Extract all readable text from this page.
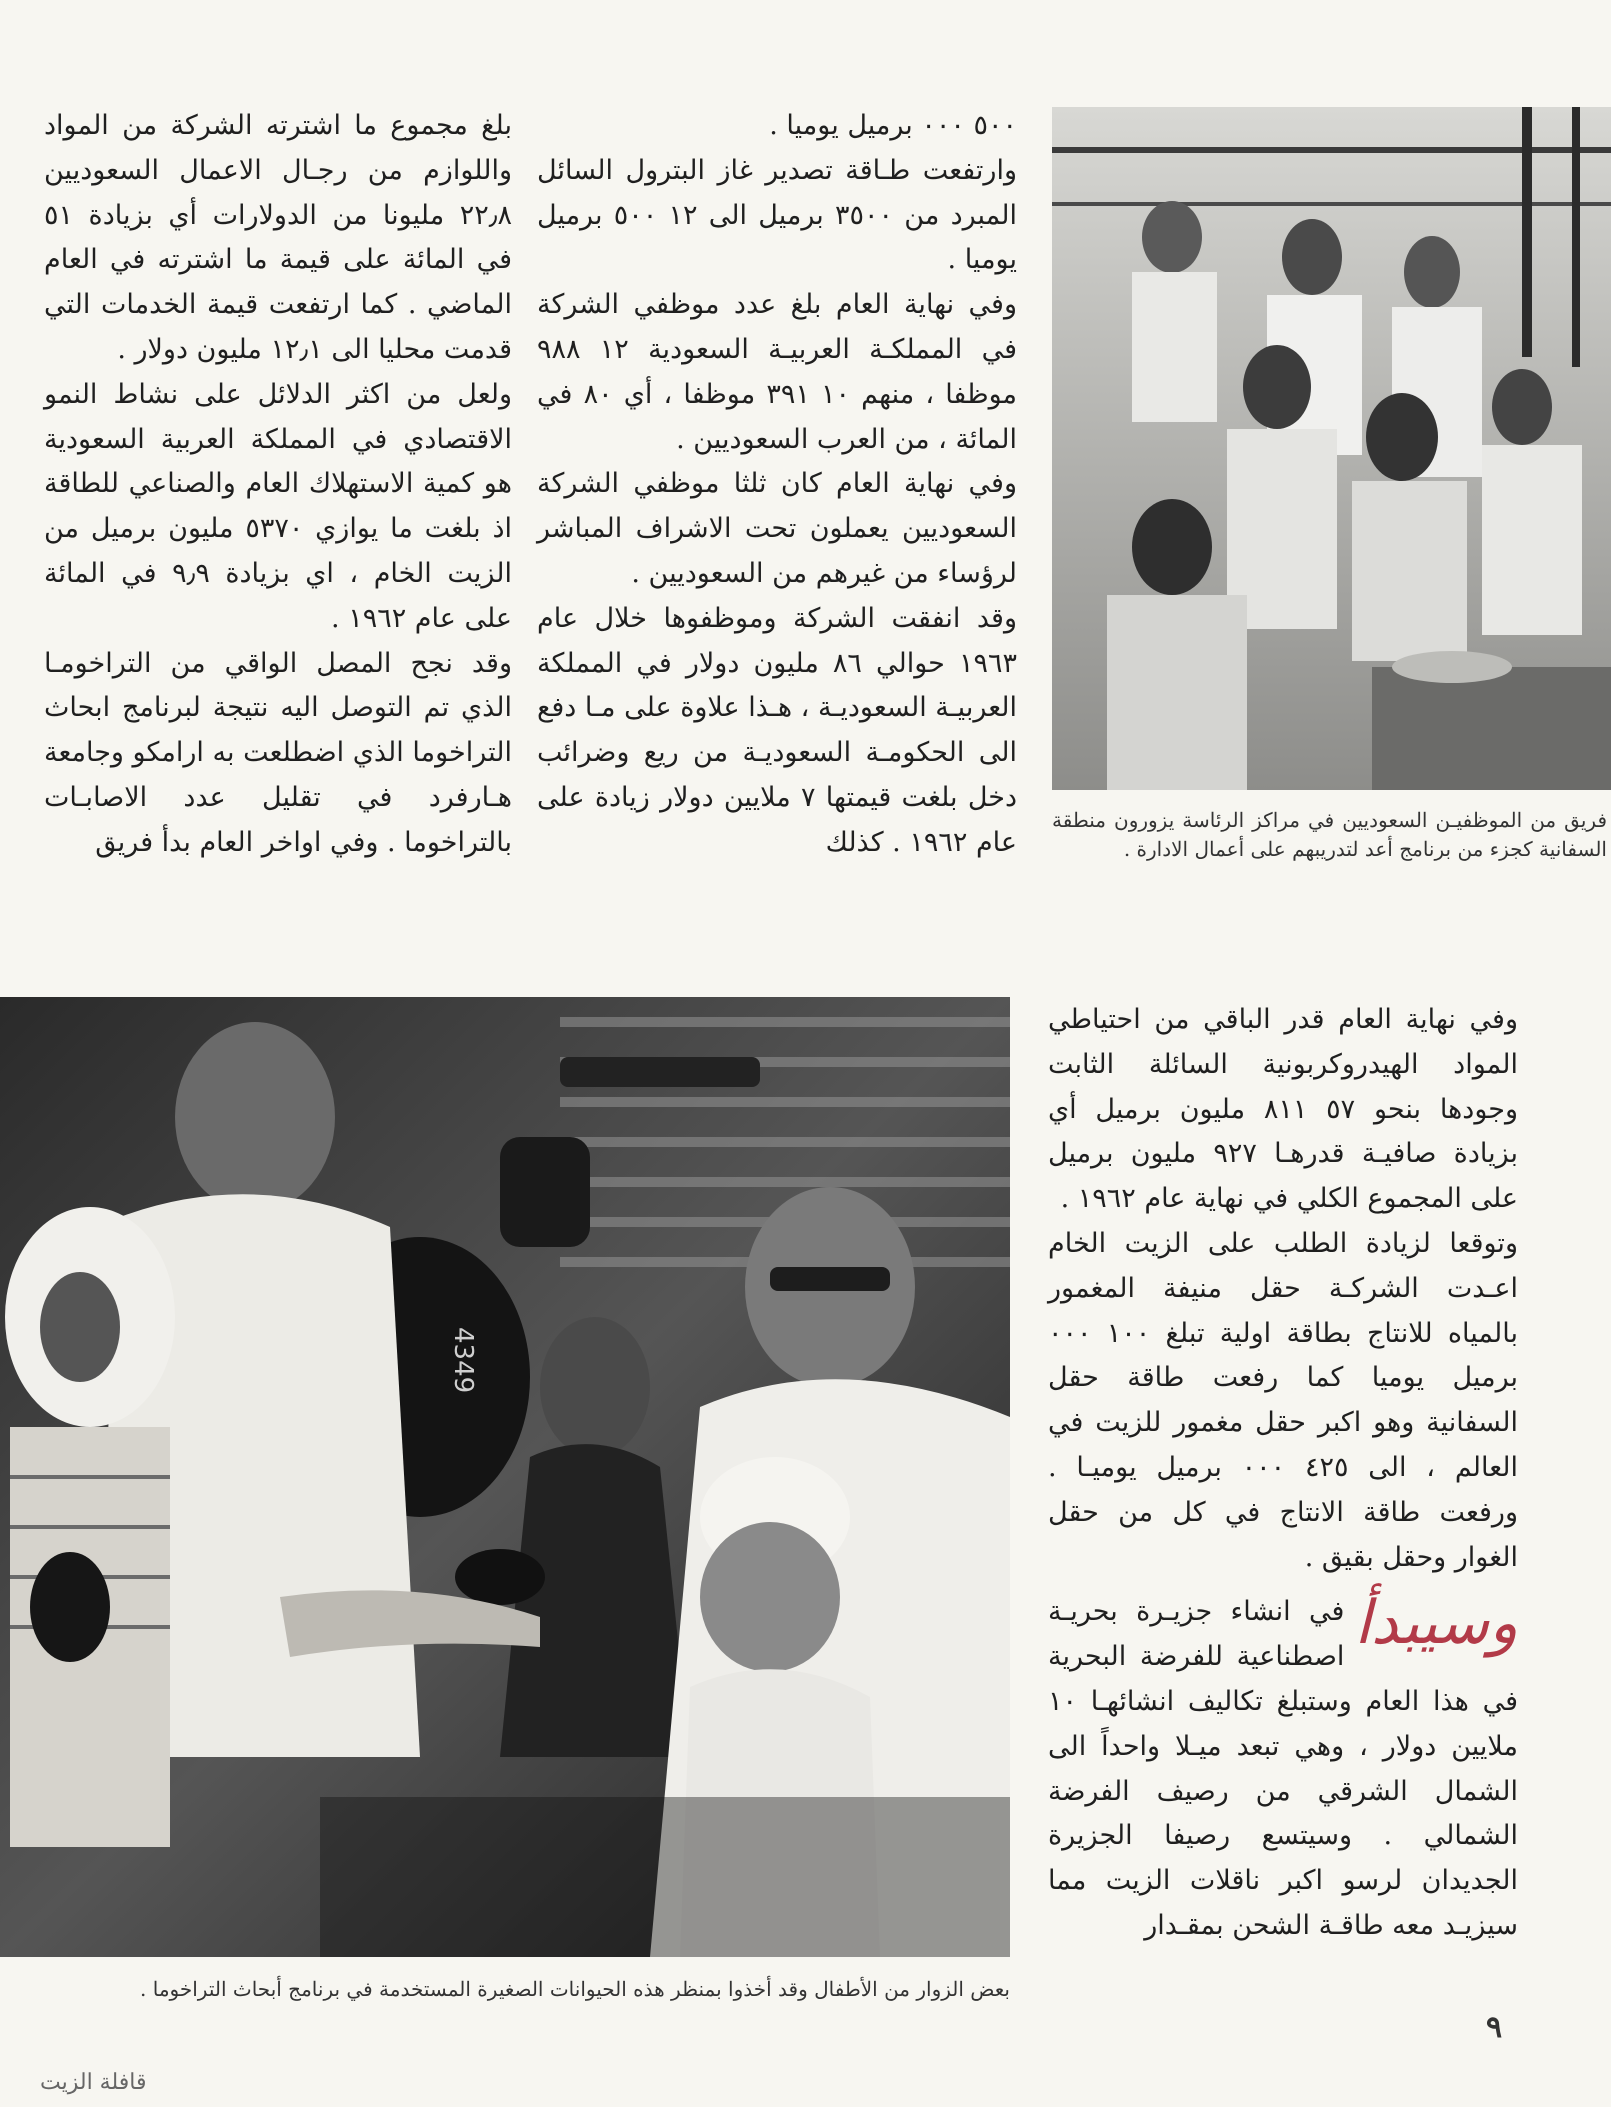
فريق من الموظفيـن السعوديين في مراكز الرئاسة يزورون منطقة السفانية كجزء من برنامج أعد لتدريبهم على أعمال الادارة .

٥٠٠ ٠٠٠ برميل يوميا .

وارتفعت طـاقة تصدير غاز البترول السائل المبرد من ٣٥٠٠ برميل الى ١٢ ٥٠٠ برميل يوميا .

وفي نهاية العام بلغ عدد موظفي الشركة في المملكـة العربيـة السعودية ١٢ ٩٨٨ موظفا ، منهم ١٠ ٣٩١ موظفا ، أي ٨٠ في المائة ، من العرب السعوديين .

وفي نهاية العام كان ثلثا موظفي الشركة السعوديين يعملون تحت الاشراف المباشر لرؤساء من غيرهم من السعوديين .

وقد انفقت الشركة وموظفوها خلال عام ١٩٦٣ حوالي ٨٦ مليون دولار في المملكة العربيـة السعوديـة ، هـذا علاوة على مـا دفع الى الحكومـة السعوديـة من ريع وضرائب دخل بلغت قيمتها ٧ ملايين دولار زيادة على عام ١٩٦٢ . كذلك

بلغ مجموع ما اشترته الشركة من المواد واللوازم من رجـال الاعمال السعوديين ٢٢٫٨ مليونا من الدولارات أي بزيادة ٥١ في المائة على قيمة ما اشترته في العام الماضي . كما ارتفعت قيمة الخدمات التي قدمت محليا الى ١٢٫١ مليون دولار .

ولعل من اكثر الدلائل على نشاط النمو الاقتصادي في المملكة العربية السعودية هو كمية الاستهلاك العام والصناعي للطاقة اذ بلغت ما يوازي ٥٣٧٠ مليون برميل من الزيت الخام ، اي بزيادة ٩٫٩ في المائة على عام ١٩٦٢ .

وقد نجح المصل الواقي من التراخومـا الذي تم التوصل اليه نتيجة لبرنامج ابحاث التراخوما الذي اضطلعت به ارامكو وجامعة هـارفرد في تقليل عدد الاصابـات بالتراخوما . وفي اواخر العام بدأ فريق

4349
بعض الزوار من الأطفال وقد أخذوا بمنظر هذه الحيوانات الصغيرة المستخدمة في برنامج أبحاث التراخوما .

وفي نهاية العام قدر الباقي من احتياطي المواد الهيدروكربونية السائلة الثابت وجودها بنحو ٥٧ ٨١١ مليون برميل أي بزيادة صافيـة قدرهـا ٩٢٧ مليون برميل على المجموع الكلي في نهاية عام ١٩٦٢ .

وتوقعا لزيادة الطلب على الزيت الخام اعـدت الشركـة حقل منيفة المغمور بالمياه للانتاج بطاقة اولية تبلغ ١٠٠ ٠٠٠ برميل يوميا كما رفعت طاقة حقل السفانية وهو اكبر حقل مغمور للزيت في العالم ، الى ٤٢٥ ٠٠٠ برميل يوميـا . ورفعت طاقة الانتاج في كل من حقل الغوار وحقل بقيق .

وسيبدأ
في انشاء جزيـرة بحريـة اصطناعية للفرضة البحرية في هذا العام وستبلغ تكاليف انشائهـا ١٠ ملايين دولار ، وهي تبعد ميـلا واحداً الى الشمال الشرقي من رصيف الفرضة الشمالي . وسيتسع رصيفا الجزيرة الجديدان لرسو اكبر ناقلات الزيت مما سيزيـد معه طاقـة الشحن بمقـدار

٩
قافلة الزيت
